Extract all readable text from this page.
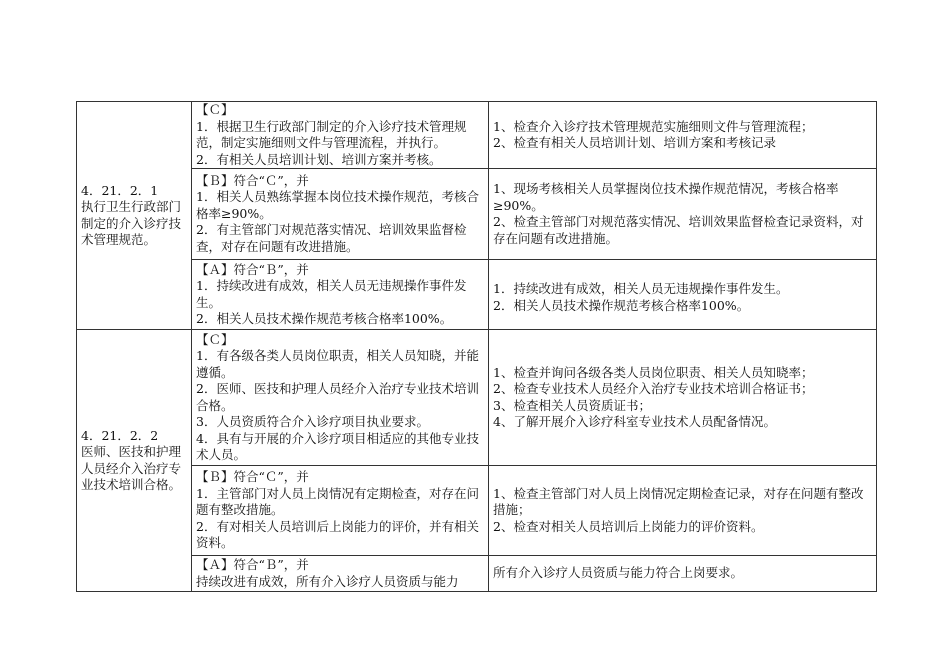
4．21．2．1
执行卫生行政部门制定的介入诊疗技术管理规范。	【Ｃ】
1．根据卫生行政部门制定的介入诊疗技术管理规范，制定实施细则文件与管理流程，并执行。
2．有相关人员培训计划、培训方案并考核。	1、检查介入诊疗技术管理规范实施细则文件与管理流程；
2、检查有相关人员培训计划、培训方案和考核记录

	【Ｂ】符合“Ｃ”，并
1．相关人员熟练掌握本岗位技术操作规范，考核合格率≥90%。
2．有主管部门对规范落实情况、培训效果监督检查，对存在问题有改进措施。	1、现场考核相关人员掌握岗位技术操作规范情况，考核合格率≥90%。
2、检查主管部门对规范落实情况、培训效果监督检查记录资料，对存在问题有改进措施。

	【Ａ】符合“Ｂ”，并
1．持续改进有成效，相关人员无违规操作事件发生。
2．相关人员技术操作规范考核合格率100%。	1．持续改进有成效，相关人员无违规操作事件发生。
2．相关人员技术操作规范考核合格率100%。

4．21．2．2
医师、医技和护理人员经介入治疗专业技术培训合格。	【Ｃ】
1．有各级各类人员岗位职责，相关人员知晓，并能遵循。
2．医师、医技和护理人员经介入治疗专业技术培训合格。
3．人员资质符合介入诊疗项目执业要求。
4．具有与开展的介入诊疗项目相适应的其他专业技术人员。	1、检查并询问各级各类人员岗位职责、相关人员知晓率；
2、检查专业技术人员经介入治疗专业技术培训合格证书；
3、检查相关人员资质证书；
4、了解开展介入诊疗科室专业技术人员配备情况。

	【Ｂ】符合“Ｃ”，并
1．主管部门对人员上岗情况有定期检查，对存在问题有整改措施。
2．有对相关人员培训后上岗能力的评价，并有相关资料。	1、检查主管部门对人员上岗情况定期检查记录，对存在问题有整改措施；
2、检查对相关人员培训后上岗能力的评价资料。

	【Ａ】符合“Ｂ”，并
持续改进有成效，所有介入诊疗人员资质与能力	所有介入诊疗人员资质与能力符合上岗要求。
